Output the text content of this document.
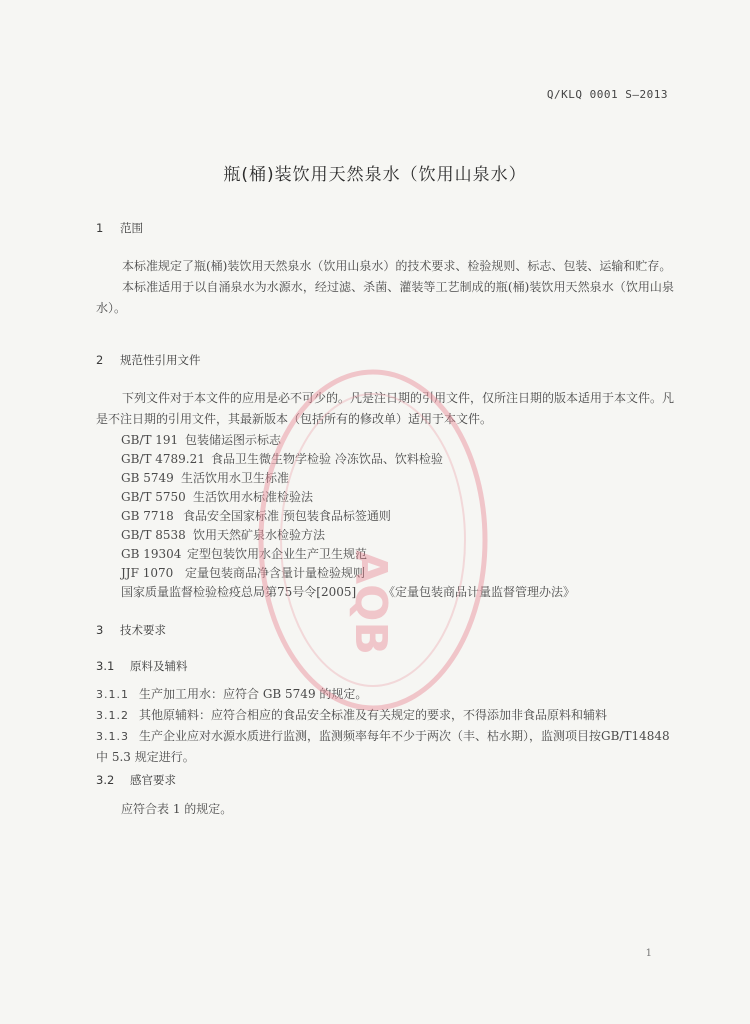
Q/KLQ 0001 S—2013
瓶(桶)装饮用天然泉水（饮用山泉水）
1 范围

本标准规定了瓶(桶)装饮用天然泉水（饮用山泉水）的技术要求、检验规则、标志、包装、运输和贮存。

本标准适用于以自涌泉水为水源水，经过滤、杀菌、灌装等工艺制成的瓶(桶)装饮用天然泉水（饮用山泉水）。

2 规范性引用文件

下列文件对于本文件的应用是必不可少的。凡是注日期的引用文件，仅所注日期的版本适用于本文件。凡是不注日期的引用文件，其最新版本（包括所有的修改单）适用于本文件。

GB/T 191 包装储运图示标志
GB/T 4789.21 食品卫生微生物学检验 冷冻饮品、饮料检验
GB 5749 生活饮用水卫生标准
GB/T 5750 生活饮用水标准检验法
GB 7718 食品安全国家标准 预包装食品标签通则
GB/T 8538 饮用天然矿泉水检验方法
GB 19304 定型包装饮用水企业生产卫生规范
JJF 1070 定量包装商品净含量计量检验规则
国家质量监督检验检疫总局第75号令[2005] 《定量包装商品计量监督管理办法》
3 技术要求
3.1 原料及辅料
3.1.1 生产加工用水：应符合 GB 5749 的规定。
3.1.2 其他原辅料：应符合相应的食品安全标准及有关规定的要求，不得添加非食品原料和辅料
3.1.3 生产企业应对水源水质进行监测，监测频率每年不少于两次（丰、枯水期），监测项目按GB/T14848 中 5.3 规定进行。
3.2 感官要求
应符合表 1 的规定。
1
AQB
